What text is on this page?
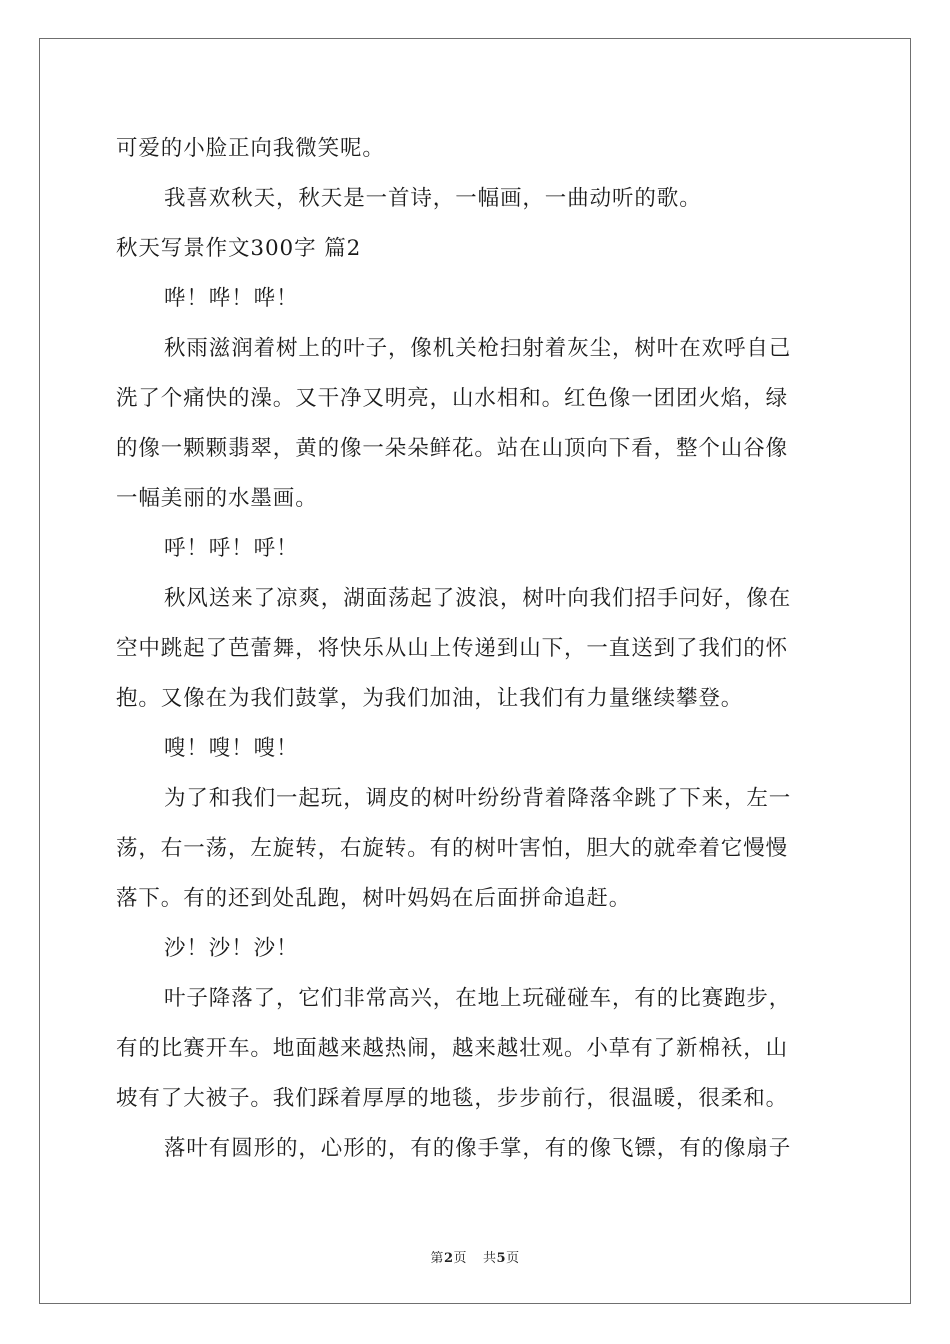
可爱的小脸正向我微笑呢。
我喜欢秋天，秋天是一首诗，一幅画，一曲动听的歌。
秋天写景作文300字 篇2
哗！哗！哗！
秋雨滋润着树上的叶子，像机关枪扫射着灰尘，树叶在欢呼自己
洗了个痛快的澡。又干净又明亮，山水相和。红色像一团团火焰，绿
的像一颗颗翡翠，黄的像一朵朵鲜花。站在山顶向下看，整个山谷像
一幅美丽的水墨画。
呼！呼！呼！
秋风送来了凉爽，湖面荡起了波浪，树叶向我们招手问好，像在
空中跳起了芭蕾舞，将快乐从山上传递到山下，一直送到了我们的怀
抱。又像在为我们鼓掌，为我们加油，让我们有力量继续攀登。
嗖！嗖！嗖！
为了和我们一起玩，调皮的树叶纷纷背着降落伞跳了下来，左一
荡，右一荡，左旋转，右旋转。有的树叶害怕，胆大的就牵着它慢慢
落下。有的还到处乱跑，树叶妈妈在后面拼命追赶。
沙！沙！沙！
叶子降落了，它们非常高兴，在地上玩碰碰车，有的比赛跑步，
有的比赛开车。地面越来越热闹，越来越壮观。小草有了新棉袄，山
坡有了大被子。我们踩着厚厚的地毯，步步前行，很温暖，很柔和。
落叶有圆形的，心形的，有的像手掌，有的像飞镖，有的像扇子
第2页 共5页
